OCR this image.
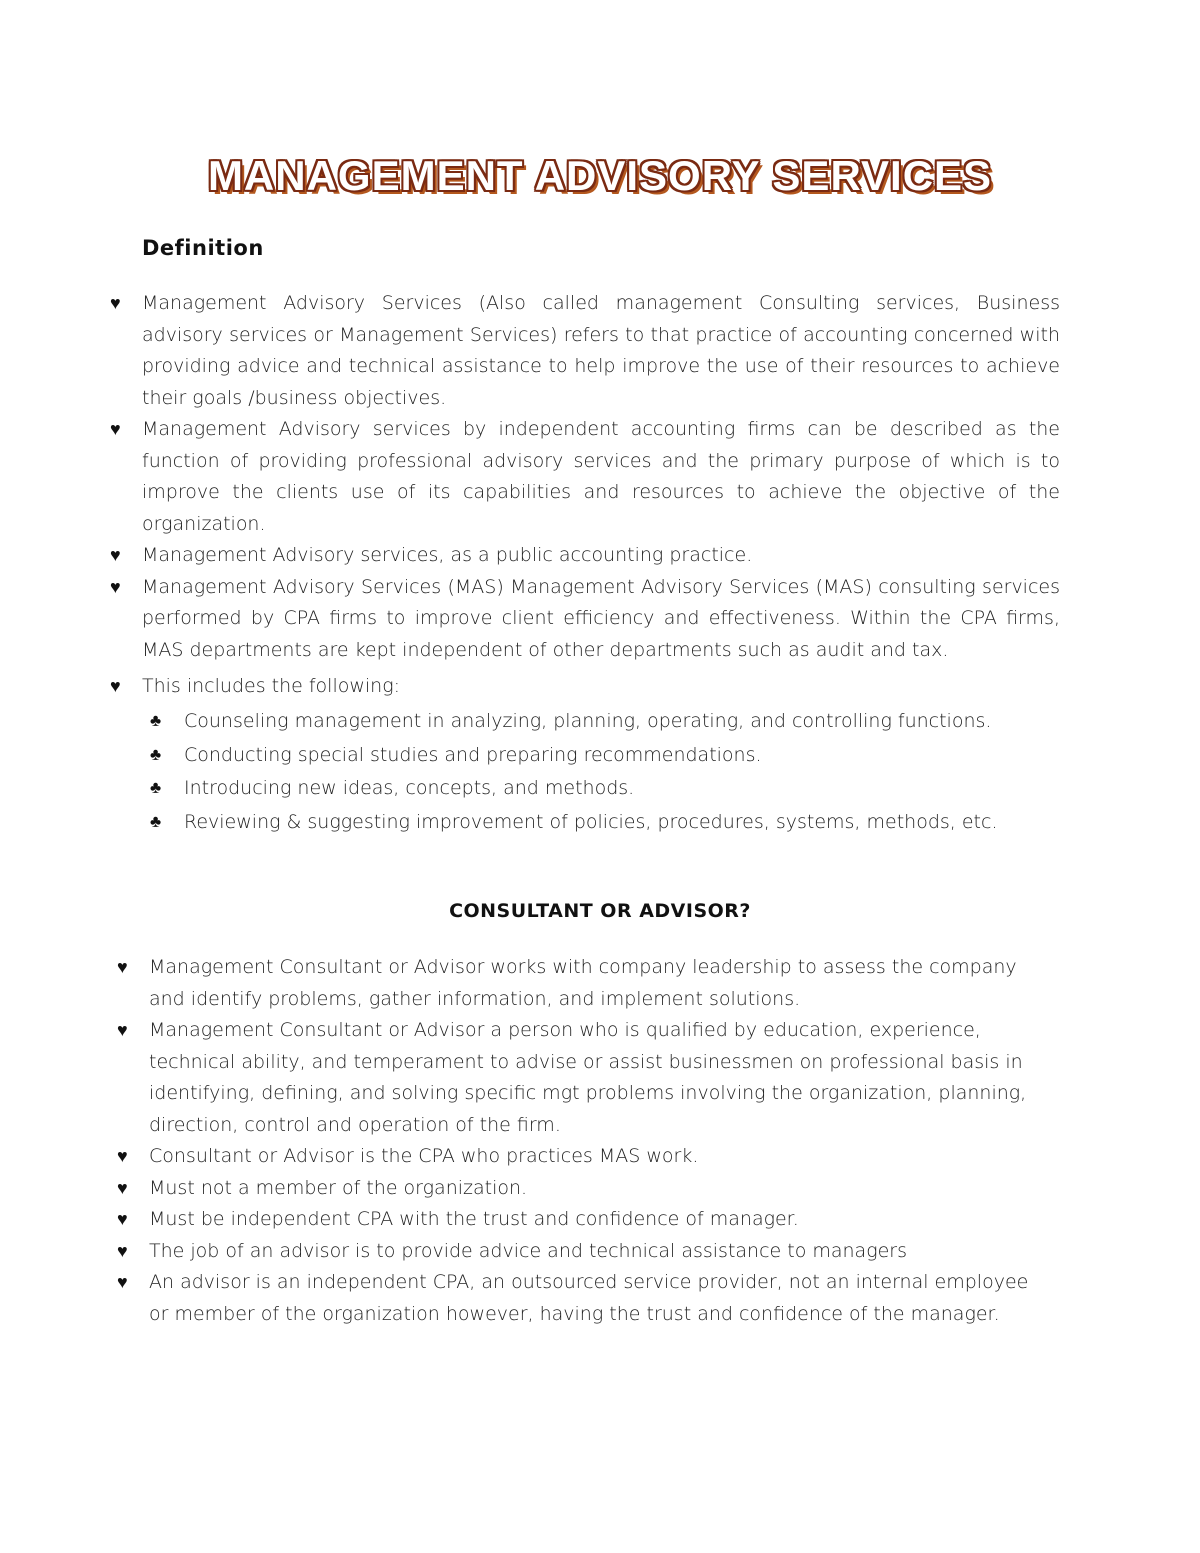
MANAGEMENT ADVISORY SERVICES
Definition
♥ Management Advisory Services (Also called management Consulting services, Business advisory services or Management Services) refers to that practice of accounting concerned with providing advice and technical assistance to help improve the use of their resources to achieve their goals /business objectives.
♥ Management Advisory services by independent accounting firms can be described as the function of providing professional advisory services and the primary purpose of which is to improve the clients use of its capabilities and resources to achieve the objective of the organization.
♥ Management Advisory services, as a public accounting practice.
♥ Management Advisory Services (MAS) Management Advisory Services (MAS) consulting services performed by CPA firms to improve client efficiency and effectiveness. Within the CPA firms, MAS departments are kept independent of other departments such as audit and tax.
♥ This includes the following:
♣ Counseling management in analyzing, planning, operating, and controlling functions.
♣ Conducting special studies and preparing recommendations.
♣ Introducing new ideas, concepts, and methods.
♣ Reviewing & suggesting improvement of policies, procedures, systems, methods, etc.
CONSULTANT OR ADVISOR?
♥ Management Consultant or Advisor works with company leadership to assess the company and identify problems, gather information, and implement solutions.
♥ Management Consultant or Advisor a person who is qualified by education, experience, technical ability, and temperament to advise or assist businessmen on professional basis in identifying, defining, and solving specific mgt problems involving the organization, planning, direction, control and operation of the firm.
♥ Consultant or Advisor is the CPA who practices MAS work.
♥ Must not a member of the organization.
♥ Must be independent CPA with the trust and confidence of manager.
♥ The job of an advisor is to provide advice and technical assistance to managers
♥ An advisor is an independent CPA, an outsourced service provider, not an internal employee or member of the organization however, having the trust and confidence of the manager.
